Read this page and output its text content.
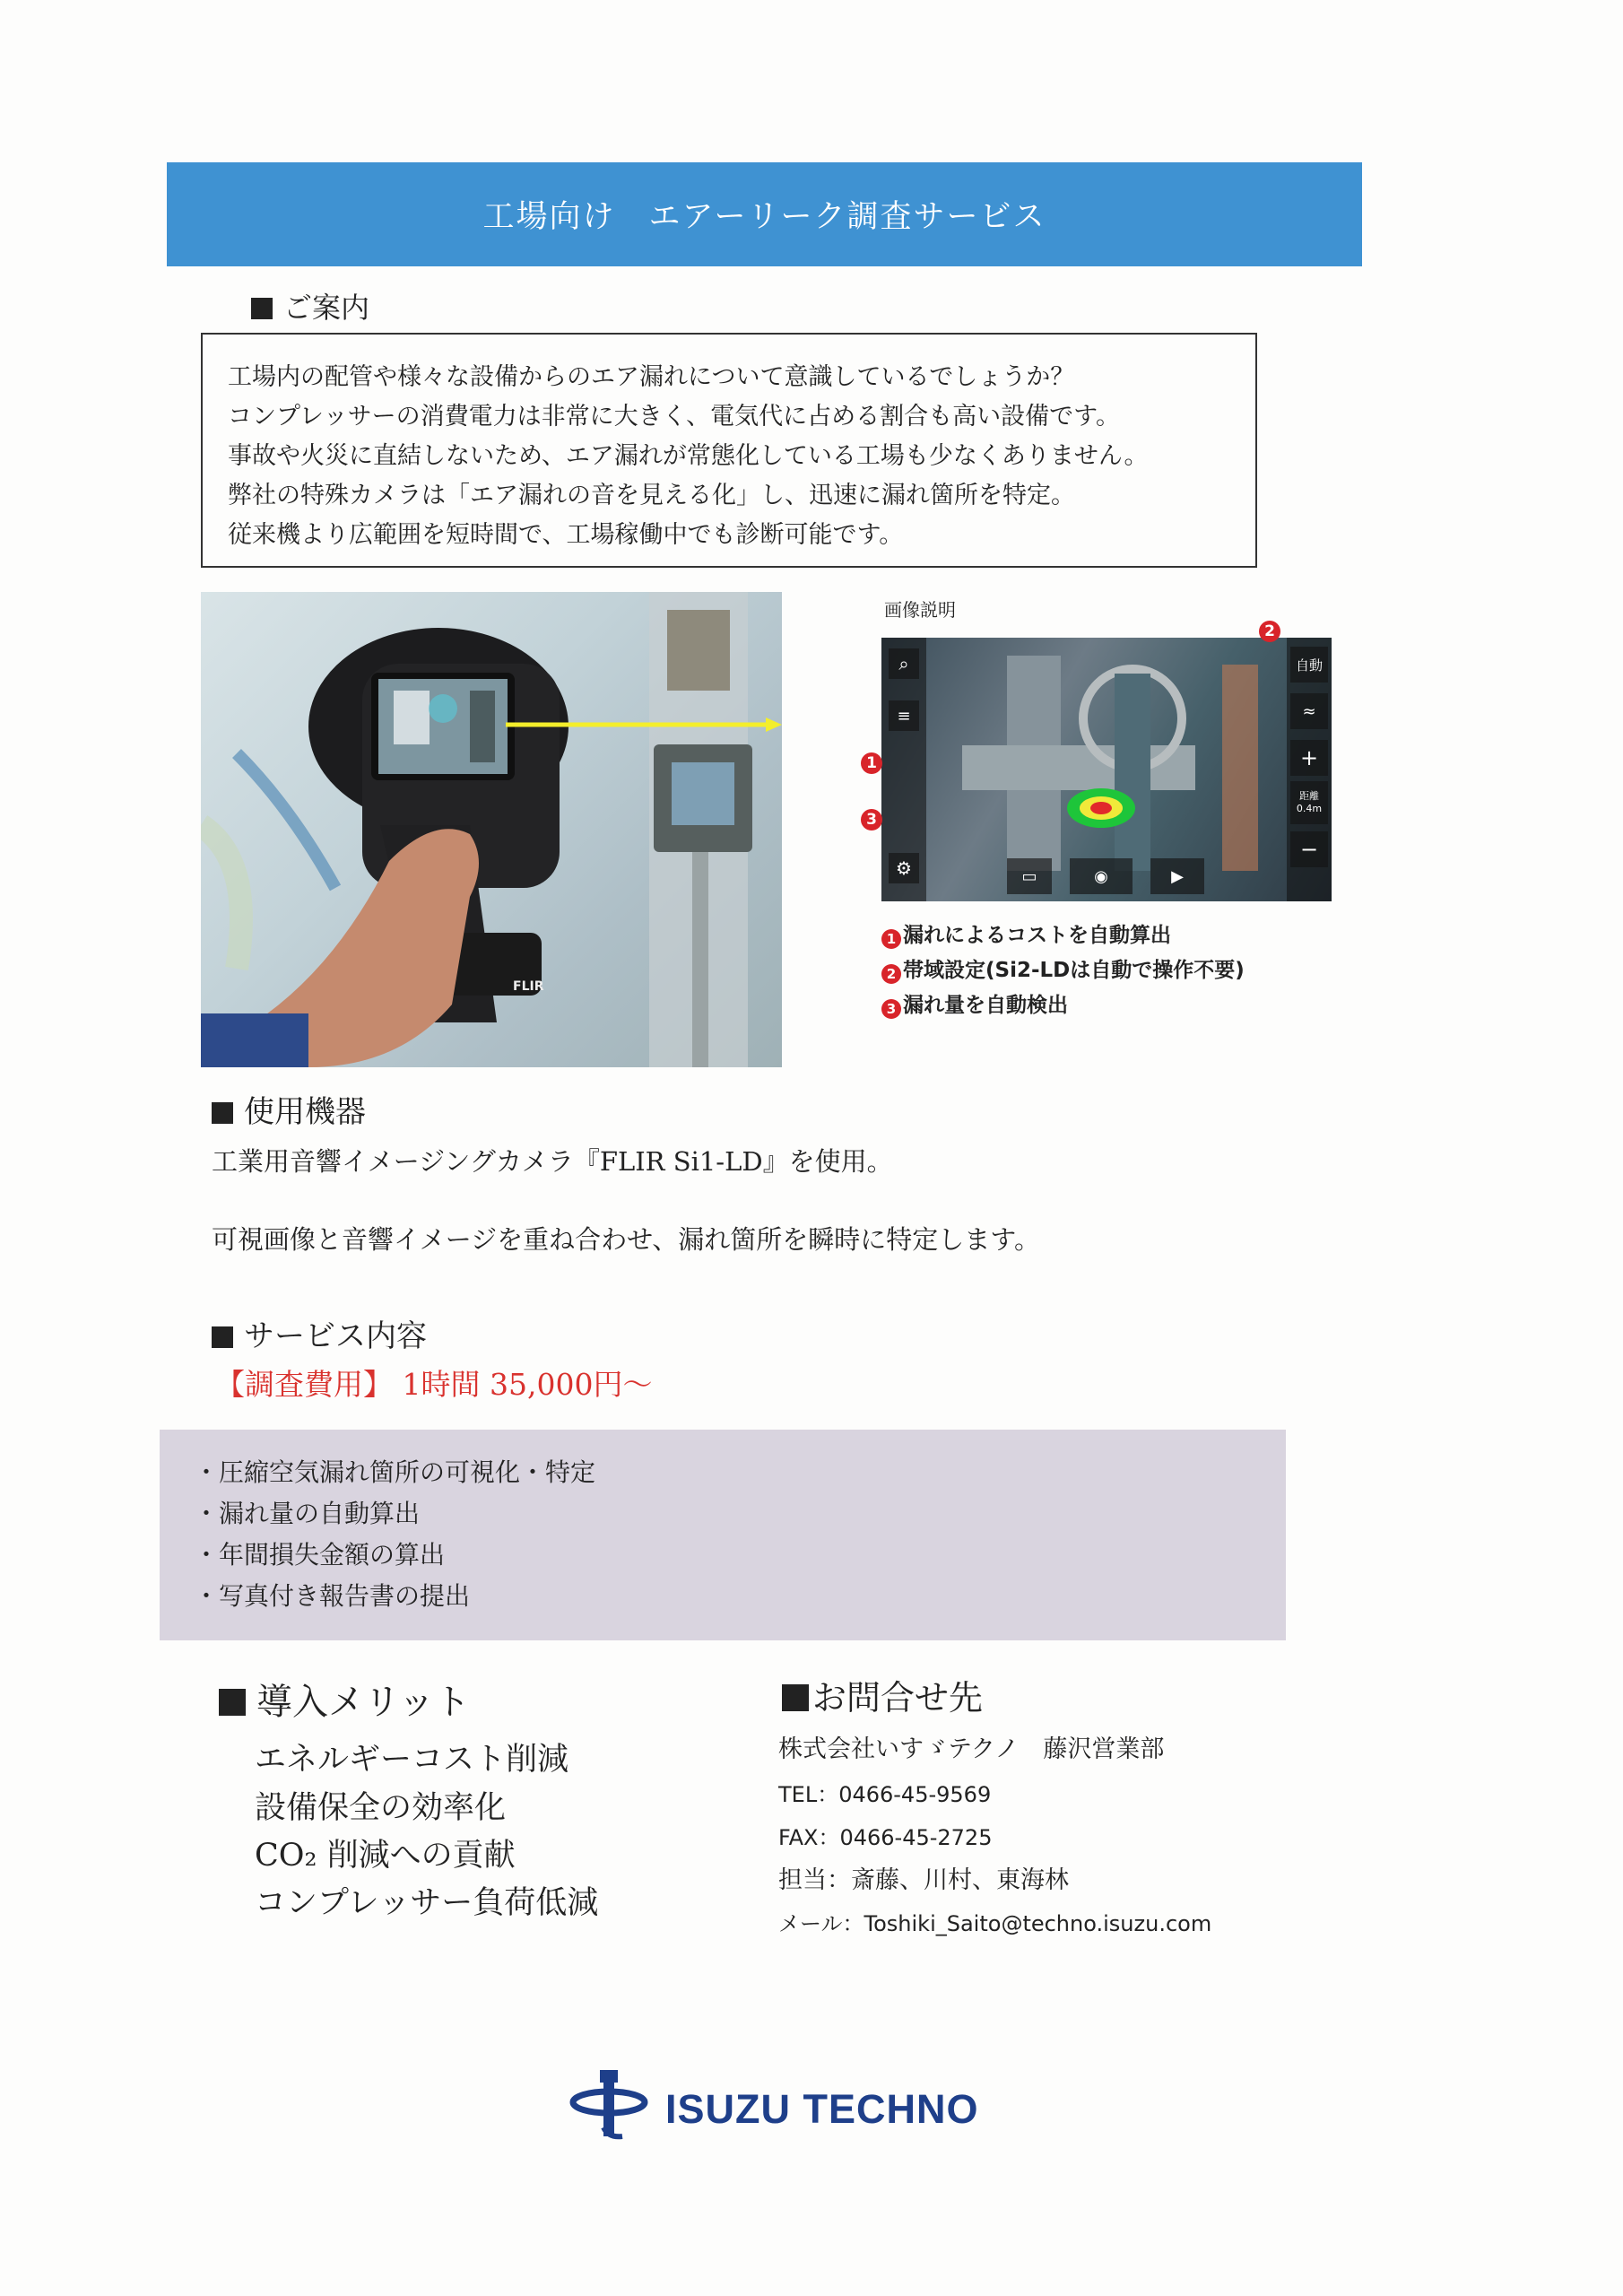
工場向け　エアーリーク調査サービス
ご案内
工場内の配管や様々な設備からのエア漏れについて意識しているでしょうか？
コンプレッサーの消費電力は非常に大きく、電気代に占める割合も高い設備です。
事故や火災に直結しないため、エア漏れが常態化している工場も少なくありません。
弊社の特殊カメラは「エア漏れの音を見える化」し、迅速に漏れ箇所を特定。
従来機より広範囲を短時間で、工場稼働中でも診断可能です。
FLIR
画像説明
⌕
≡
⚙
自動
≈
+
距離
0.4m
−
▭	◉	▶
1
2
3
1 漏れによるコストを自動算出
2 帯域設定(Si2-LDは自動で操作不要)
3 漏れ量を自動検出
使用機器
工業用音響イメージングカメラ『FLIR Si1-LD』を使用。
可視画像と音響イメージを重ね合わせ、漏れ箇所を瞬時に特定します。
サービス内容
【調査費用】 1時間 35,000円～
・圧縮空気漏れ箇所の可視化・特定
・漏れ量の自動算出
・年間損失金額の算出
・写真付き報告書の提出
導入メリット
エネルギーコスト削減
設備保全の効率化
CO₂ 削減への貢献
コンプレッサー負荷低減
お問合せ先
株式会社いすゞテクノ　藤沢営業部
TEL：0466-45-9569
FAX：0466-45-2725
担当：斎藤、川村、東海林
メール：Toshiki_Saito@techno.isuzu.com
ISUZU TECHNO
